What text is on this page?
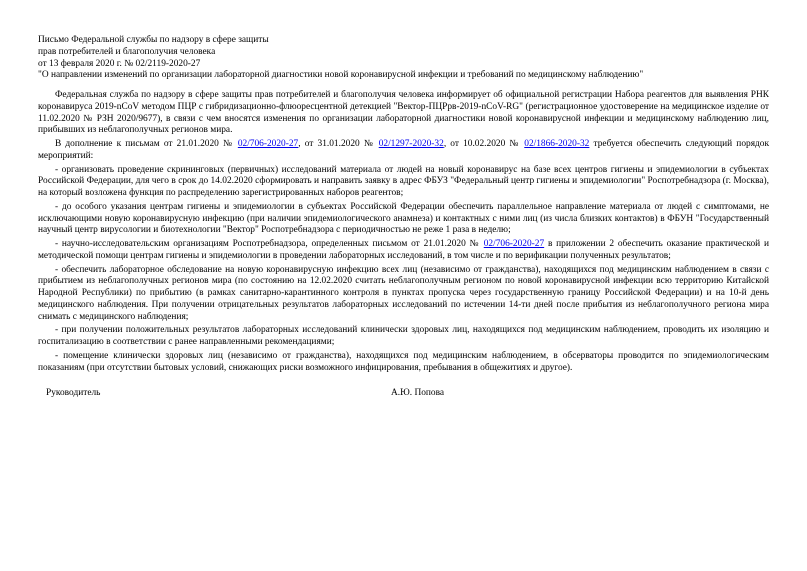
Письмо Федеральной службы по надзору в сфере защиты
прав потребителей и благополучия человека
от 13 февраля 2020 г. № 02/2119-2020-27
"О направлении изменений по организации лабораторной диагностики новой коронавирусной инфекции и требований по медицинскому наблюдению"

Федеральная служба по надзору в сфере защиты прав потребителей и благополучия человека информирует об официальной регистрации Набора реагентов для выявления РНК коронавируса 2019-nCoV методом ПЦР с гибридизационно-флюоресцентной детекцией "Вектор-ПЦРрв-2019-nCoV-RG" (регистрационное удостоверение на медицинское изделие от 11.02.2020 № РЗН 2020/9677), в связи с чем вносятся изменения по организации лабораторной диагностики новой коронавирусной инфекции и медицинскому наблюдению лиц, прибывших из неблагополучных регионов мира.

В дополнение к письмам от 21.01.2020 № 02/706-2020-27, от 31.01.2020 № 02/1297-2020-32, от 10.02.2020 № 02/1866-2020-32 требуется обеспечить следующий порядок мероприятий:

- организовать проведение скрининговых (первичных) исследований материала от людей на новый коронавирус на базе всех центров гигиены и эпидемиологии в субъектах Российской Федерации, для чего в срок до 14.02.2020 сформировать и направить заявку в адрес ФБУЗ "Федеральный центр гигиены и эпидемиологии" Роспотребнадзора (г. Москва), на который возложена функция по распределению зарегистрированных наборов реагентов;

- до особого указания центрам гигиены и эпидемиологии в субъектах Российской Федерации обеспечить параллельное направление материала от людей с симптомами, не исключающими новую коронавирусную инфекцию (при наличии эпидемиологического анамнеза) и контактных с ними лиц (из числа близких контактов) в ФБУН "Государственный научный центр вирусологии и биотехнологии "Вектор" Роспотребнадзора с периодичностью не реже 1 раза в неделю;

- научно-исследовательским организациям Роспотребнадзора, определенных письмом от 21.01.2020 № 02/706-2020-27 в приложении 2 обеспечить оказание практической и методической помощи центрам гигиены и эпидемиологии в проведении лабораторных исследований, в том числе и по верификации полученных результатов;

- обеспечить лабораторное обследование на новую коронавирусную инфекцию всех лиц (независимо от гражданства), находящихся под медицинским наблюдением в связи с прибытием из неблагополучных регионов мира (по состоянию на 12.02.2020 считать неблагополучным регионом по новой коронавирусной инфекции всю территорию Китайской Народной Республики) по прибытию (в рамках санитарно-карантинного контроля в пунктах пропуска через государственную границу Российской Федерации) и на 10-й день медицинского наблюдения. При получении отрицательных результатов лабораторных исследований по истечении 14-ти дней после прибытия из неблагополучного региона мира снимать с медицинского наблюдения;

- при получении положительных результатов лабораторных исследований клинически здоровых лиц, находящихся под медицинским наблюдением, проводить их изоляцию и госпитализацию в соответствии с ранее направленными рекомендациями;

- помещение клинически здоровых лиц (независимо от гражданства), находящихся под медицинским наблюдением, в обсерваторы проводится по эпидемиологическим показаниям (при отсутствии бытовых условий, снижающих риски возможного инфицирования, пребывания в общежитиях и другое).

Руководитель	А.Ю. Попова
